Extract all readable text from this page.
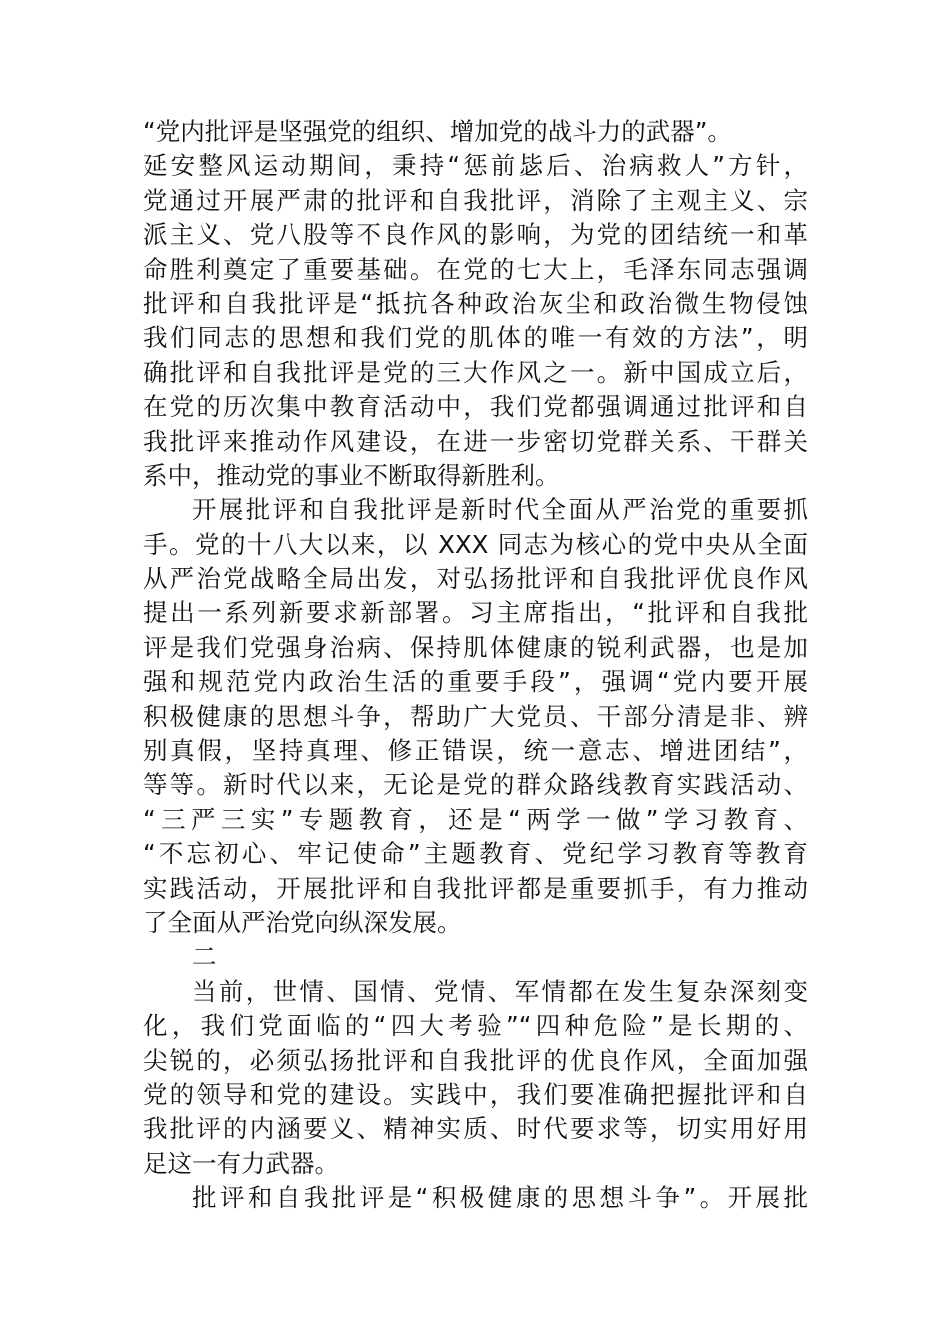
“党内批评是坚强党的组织、增加党的战斗力的武器”。
延安整风运动期间，秉持“惩前毖后、治病救人”方针，
党通过开展严肃的批评和自我批评，消除了主观主义、宗
派主义、党八股等不良作风的影响，为党的团结统一和革
命胜利奠定了重要基础。在党的七大上，毛泽东同志强调
批评和自我批评是“抵抗各种政治灰尘和政治微生物侵蚀
我们同志的思想和我们党的肌体的唯一有效的方法”，明
确批评和自我批评是党的三大作风之一。新中国成立后，
在党的历次集中教育活动中，我们党都强调通过批评和自
我批评来推动作风建设，在进一步密切党群关系、干群关
系中，推动党的事业不断取得新胜利。
开展批评和自我批评是新时代全面从严治党的重要抓
手。党的十八大以来，以 XXX 同志为核心的党中央从全面
从严治党战略全局出发，对弘扬批评和自我批评优良作风
提出一系列新要求新部署。习主席指出，“批评和自我批
评是我们党强身治病、保持肌体健康的锐利武器，也是加
强和规范党内政治生活的重要手段”，强调“党内要开展
积极健康的思想斗争，帮助广大党员、干部分清是非、辨
别真假，坚持真理、修正错误，统一意志、增进团结”，
等等。新时代以来，无论是党的群众路线教育实践活动、
“三严三实”专题教育，还是“两学一做”学习教育、
“不忘初心、牢记使命”主题教育、党纪学习教育等教育
实践活动，开展批评和自我批评都是重要抓手，有力推动
了全面从严治党向纵深发展。
二
当前，世情、国情、党情、军情都在发生复杂深刻变
化，我们党面临的“四大考验”“四种危险”是长期的、
尖锐的，必须弘扬批评和自我批评的优良作风，全面加强
党的领导和党的建设。实践中，我们要准确把握批评和自
我批评的内涵要义、精神实质、时代要求等，切实用好用
足这一有力武器。
批评和自我批评是“积极健康的思想斗争”。开展批
